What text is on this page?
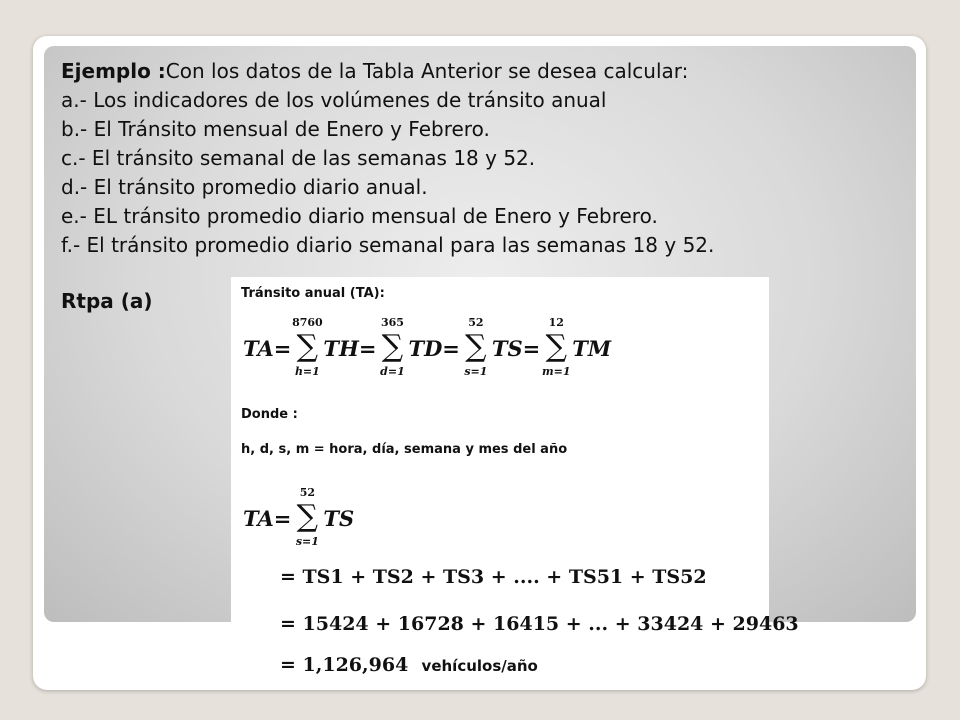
Ejemplo :Con los datos de la Tabla Anterior se desea calcular:
a.- Los indicadores de los volúmenes de tránsito anual
b.- El Tránsito mensual de Enero y Febrero.
c.- El tránsito semanal de las semanas 18 y 52.
d.- El tránsito promedio diario anual.
e.- EL tránsito promedio diario mensual de Enero y Febrero.
f.- El tránsito promedio diario semanal para las semanas 18 y 52.
Rtpa (a)	Tránsito anual (TA):
TA=
8760
∑
h=1
TH=
365
∑
d=1
TD=
52
∑
s=1
TS=
12
∑
m=1
TM
Donde :
h, d, s, m = hora, día, semana y mes del año
TA=
52
∑
s=1
TS
= TS1 + TS2 + TS3 + .... + TS51 + TS52
= 15424 + 16728 + 16415 + ... + 33424 + 29463
= 1,126,964 vehículos/año
